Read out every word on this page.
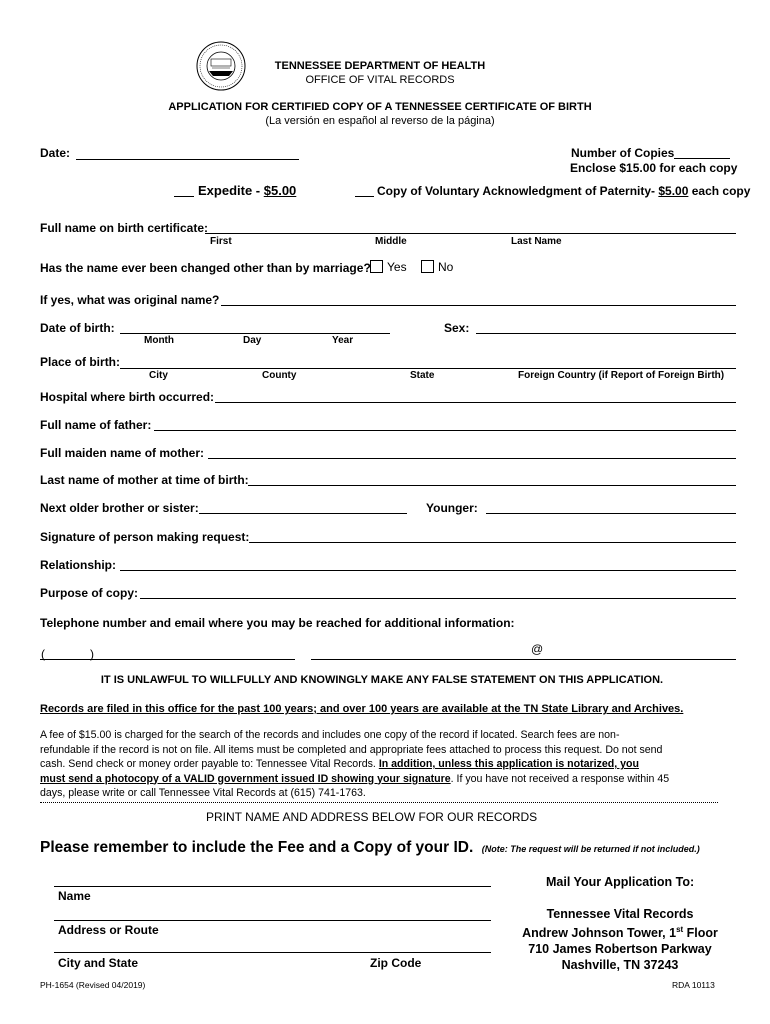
TENNESSEE DEPARTMENT OF HEALTH
OFFICE OF VITAL RECORDS
APPLICATION FOR CERTIFIED COPY OF A TENNESSEE CERTIFICATE OF BIRTH
(La versión en español al reverso de la página)
Date:	Number of Copies
Enclose $15.00 for each copy
Expedite - $5.00	Copy of Voluntary Acknowledgment of Paternity- $5.00 each copy
Full name on birth certificate:
First	Middle	Last Name
Has the name ever been changed other than by marriage?	Yes	No
If yes, what was original name?
Date of birth:
Month	Day	Year
Sex:
Place of birth:
City	County	State	Foreign Country (if Report of Foreign Birth)
Hospital where birth occurred:
Full name of father:
Full maiden name of mother:
Last name of mother at time of birth:
Next older brother or sister:	Younger:
Signature of person making request:
Relationship:
Purpose of copy:
Telephone number and email where you may be reached for additional information:
(	)	@
IT IS UNLAWFUL TO WILLFULLY AND KNOWINGLY MAKE ANY FALSE STATEMENT ON THIS APPLICATION.
Records are filed in this office for the past 100 years; and over 100 years are available at the TN State Library and Archives.
A fee of $15.00 is charged for the search of the records and includes one copy of the record if located. Search fees are non-
refundable if the record is not on file. All items must be completed and appropriate fees attached to process this request. Do not send
cash. Send check or money order payable to: Tennessee Vital Records. In addition, unless this application is notarized, you
must send a photocopy of a VALID government issued ID showing your signature. If you have not received a response within 45
days, please write or call Tennessee Vital Records at (615) 741-1763.
PRINT NAME AND ADDRESS BELOW FOR OUR RECORDS
Please remember to include the Fee and a Copy of your ID. (Note: The request will be returned if not included.)
Name
Address or Route
City and State	Zip Code
Mail Your Application To:
Tennessee Vital Records
Andrew Johnson Tower, 1st Floor
710 James Robertson Parkway
Nashville, TN 37243
PH-1654 (Revised 04/2019)	RDA 10113
